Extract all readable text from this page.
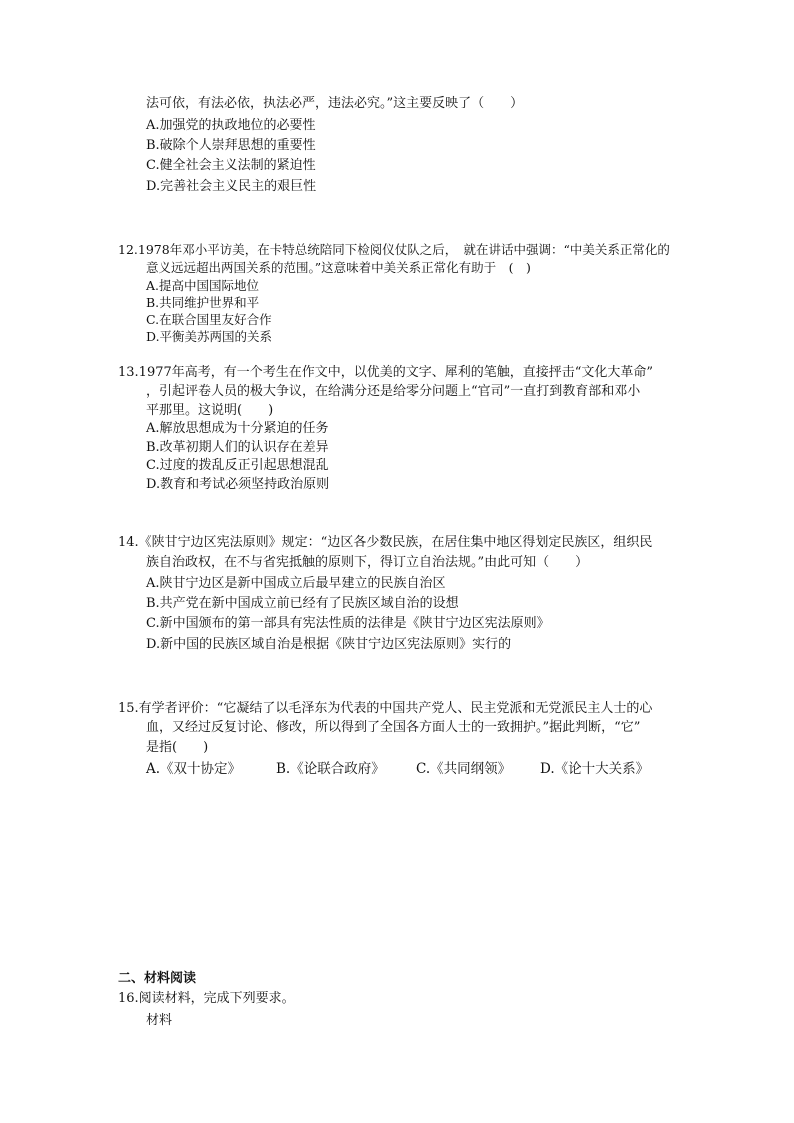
法可依，有法必依，执法必严，违法必究。”这主要反映了（　　）
A.加强党的执政地位的必要性
B.破除个人崇拜思想的重要性
C.健全社会主义法制的紧迫性
D.完善社会主义民主的艰巨性
12.1978年邓小平访美，在卡特总统陪同下检阅仪仗队之后，　就在讲话中强调：“中美关系正常化的
意义远远超出两国关系的范围。”这意味着中美关系正常化有助于　(　)
A.提高中国国际地位
B.共同维护世界和平
C.在联合国里友好合作
D.平衡美苏两国的关系
13.1977年高考，有一个考生在作文中，以优美的文字、犀利的笔触，直接抨击“文化大革命”
，引起评卷人员的极大争议，在给满分还是给零分问题上“官司”一直打到教育部和邓小
平那里。这说明(　　)
A.解放思想成为十分紧迫的任务
B.改革初期人们的认识存在差异
C.过度的拨乱反正引起思想混乱
D.教育和考试必须坚持政治原则
14.《陕甘宁边区宪法原则》规定：“边区各少数民族，在居住集中地区得划定民族区，组织民
族自治政权，在不与省宪抵触的原则下，得订立自治法规。”由此可知（　　）
A.陕甘宁边区是新中国成立后最早建立的民族自治区
B.共产党在新中国成立前已经有了民族区域自治的设想
C.新中国颁布的第一部具有宪法性质的法律是《陕甘宁边区宪法原则》
D.新中国的民族区域自治是根据《陕甘宁边区宪法原则》实行的
15.有学者评价：“它凝结了以毛泽东为代表的中国共产党人、民主党派和无党派民主人士的心
血，又经过反复讨论、修改，所以得到了全国各方面人士的一致拥护。”据此判断，“它”
是指(　　)
A.《双十协定》	B.《论联合政府》 C.《共同纲领》 D.《论十大关系》
二、材料阅读
16.阅读材料，完成下列要求。
材料
